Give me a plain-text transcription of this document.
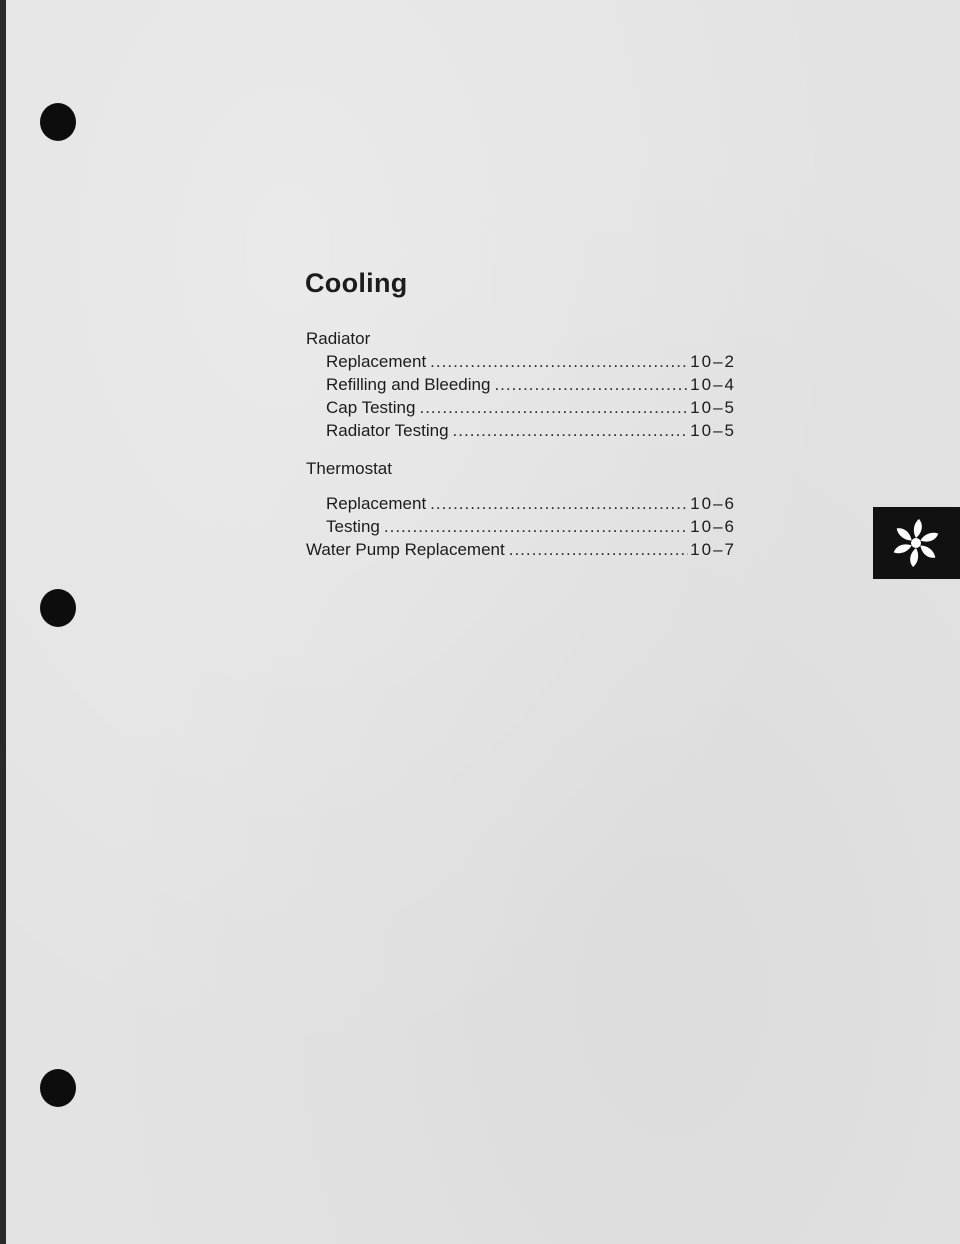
Cooling
Radiator
Replacement .....	10–2
Refilling and Bleeding .....	10–4
Cap Testing .....	10–5
Radiator Testing .....	10–5
Thermostat
Replacement .....	10–6
Testing .....	10–6
Water Pump Replacement .....	10–7
